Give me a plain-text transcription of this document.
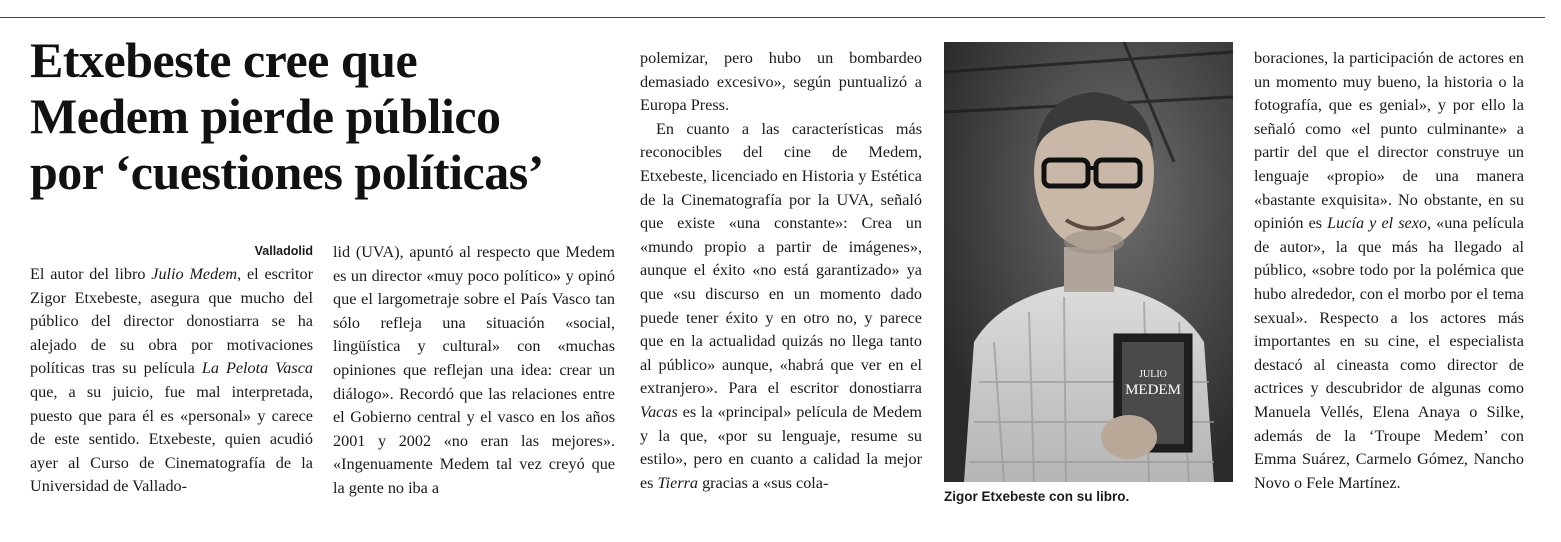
Etxebeste cree que
Medem pierde público
por ‘cuestiones políticas’
Valladolid

El autor del libro Julio Medem, el escritor Zigor Etxebeste, asegura que mucho del público del director donostiarra se ha alejado de su obra por motivaciones políticas tras su película La Pelota Vasca que, a su juicio, fue mal interpretada, puesto que para él es «personal» y carece de este sentido. Etxebeste, quien acudió ayer al Curso de Cinematografía de la Universidad de Vallado-

lid (UVA), apuntó al respecto que Medem es un director «muy poco político» y opinó que el largometraje sobre el País Vasco tan sólo refleja una situación «social, lingüística y cultural» con «muchas opiniones que reflejan una idea: crear un diálogo». Recordó que las relaciones entre el Gobierno central y el vasco en los años 2001 y 2002 «no eran las mejores». «Ingenuamente Medem tal vez creyó que la gente no iba a

polemizar, pero hubo un bombardeo demasiado excesivo», según puntualizó a Europa Press.

En cuanto a las características más reconocibles del cine de Medem, Etxebeste, licenciado en Historia y Estética de la Cinematografía por la UVA, señaló que existe «una constante»: Crea un «mundo propio a partir de imágenes», aunque el éxito «no está garantizado» ya que «su discurso en un momento dado puede tener éxito y en otro no, y parece que en la actualidad quizás no llega tanto al público» aunque, «habrá que ver en el extranjero». Para el escritor donostiarra Vacas es la «principal» película de Medem y la que, «por su lenguaje, resume su estilo», pero en cuanto a calidad la mejor es Tierra gracias a «sus cola-

JULIO
MEDEM
Zigor Etxebeste con su libro.

boraciones, la participación de actores en un momento muy bueno, la historia o la fotografía, que es genial», y por ello la señaló como «el punto culminante» a partir del que el director construye un lenguaje «propio» de una manera «bastante exquisita». No obstante, en su opinión es Lucía y el sexo, «una película de autor», la que más ha llegado al público, «sobre todo por la polémica que hubo alrededor, con el morbo por el tema sexual». Respecto a los actores más importantes en su cine, el especialista destacó al cineasta como director de actrices y descubridor de algunas como Manuela Vellés, Elena Anaya o Silke, además de la ‘Troupe Medem’ con Emma Suárez, Carmelo Gómez, Nancho Novo o Fele Martínez.
